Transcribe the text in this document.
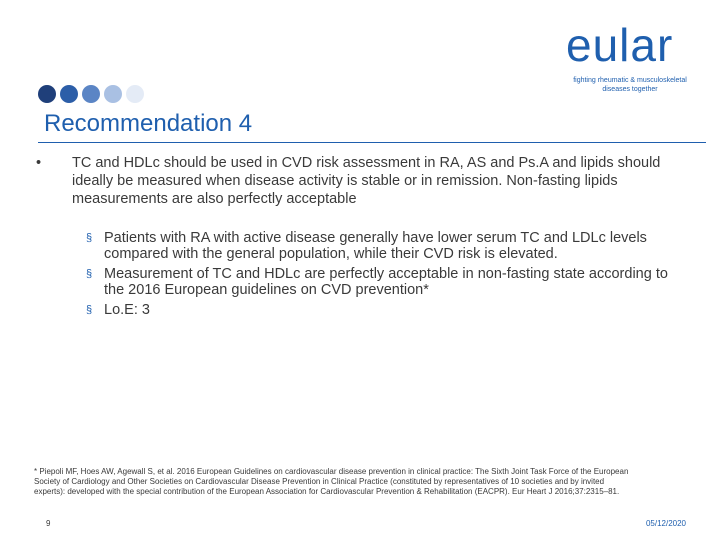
eular
fighting rheumatic & musculoskeletal
diseases together
Recommendation 4
•	TC and HDLc should be used in CVD risk assessment in RA, AS and Ps.A and lipids should ideally be measured when disease activity is stable or in remission. Non-fasting lipids measurements are also perfectly acceptable
§ Patients with RA with active disease generally have lower serum TC and LDLc levels compared with the general population, while their CVD risk is elevated.
§ Measurement of TC and HDLc are perfectly acceptable in non-fasting state according to the 2016 European guidelines on CVD prevention*
§ Lo.E: 3
* Piepoli MF, Hoes AW, Agewall S, et al. 2016 European Guidelines on cardiovascular disease prevention in clinical practice: The Sixth Joint Task Force of the European Society of Cardiology and Other Societies on Cardiovascular Disease Prevention in Clinical Practice (constituted by representatives of 10 societies and by invited experts): developed with the special contribution of the European Association for Cardiovascular Prevention & Rehabilitation (EACPR). Eur Heart J 2016;37:2315–81.
9	05/12/2020
